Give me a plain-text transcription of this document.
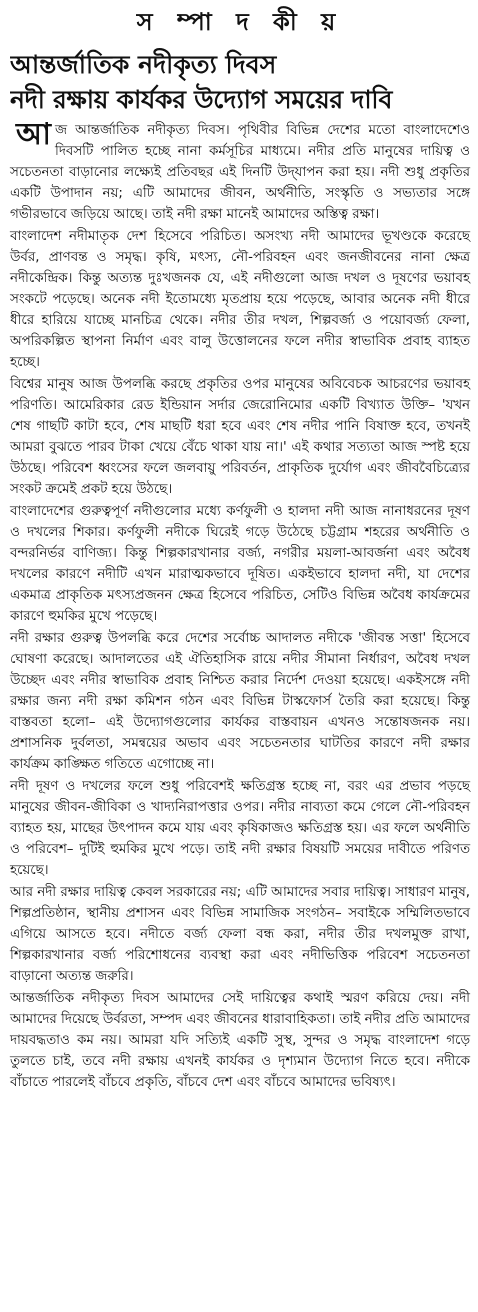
স ম্পা দ কী য়
আন্তর্জাতিক নদীকৃত্য দিবস
নদী রক্ষায় কার্যকর উদ্যোগ সময়ের দাবি
আজ আন্তর্জাতিক নদীকৃত্য দিবস। পৃথিবীর বিভিন্ন দেশের মতো বাংলাদেশেও দিবসটি পালিত হচ্ছে নানা কর্মসূচির মাধ্যমে। নদীর প্রতি মানুষের দায়িত্ব ও সচেতনতা বাড়ানোর লক্ষ্যেই প্রতিবছর এই দিনটি উদ্‌যাপন করা হয়। নদী শুধু প্রকৃতির একটি উপাদান নয়; এটি আমাদের জীবন, অর্থনীতি, সংস্কৃতি ও সভ্যতার সঙ্গে গভীরভাবে জড়িয়ে আছে। তাই নদী রক্ষা মানেই আমাদের অস্তিত্ব রক্ষা।
বাংলাদেশ নদীমাতৃক দেশ হিসেবে পরিচিত। অসংখ্য নদী আমাদের ভূখণ্ডকে করেছে উর্বর, প্রাণবন্ত ও সমৃদ্ধ। কৃষি, মৎস্য, নৌ-পরিবহন এবং জনজীবনের নানা ক্ষেত্র নদীকেন্দ্রিক। কিন্তু অত্যন্ত দুঃখজনক যে, এই নদীগুলো আজ দখল ও দূষণের ভয়াবহ সংকটে পড়েছে। অনেক নদী ইতোমধ্যে মৃতপ্রায় হয়ে পড়েছে, আবার অনেক নদী ধীরে ধীরে হারিয়ে যাচ্ছে মানচিত্র থেকে। নদীর তীর দখল, শিল্পবর্জ্য ও পয়োবর্জ্য ফেলা, অপরিকল্পিত স্থাপনা নির্মাণ এবং বালু উত্তোলনের ফলে নদীর স্বাভাবিক প্রবাহ ব্যাহত হচ্ছে।
বিশ্বের মানুষ আজ উপলব্ধি করছে প্রকৃতির ওপর মানুষের অবিবেচক আচরণের ভয়াবহ পরিণতি। আমেরিকার রেড ইন্ডিয়ান সর্দার জেরোনিমোর একটি বিখ্যাত উক্তি– 'যখন শেষ গাছটি কাটা হবে, শেষ মাছটি ধরা হবে এবং শেষ নদীর পানি বিষাক্ত হবে, তখনই আমরা বুঝতে পারব টাকা খেয়ে বেঁচে থাকা যায় না।' এই কথার সত্যতা আজ স্পষ্ট হয়ে উঠছে। পরিবেশ ধ্বংসের ফলে জলবায়ু পরিবর্তন, প্রাকৃতিক দুর্যোগ এবং জীববৈচিত্র্যের সংকট ক্রমেই প্রকট হয়ে উঠছে।
বাংলাদেশের গুরুত্বপূর্ণ নদীগুলোর মধ্যে কর্ণফুলী ও হালদা নদী আজ নানাধরনের দূষণ ও দখলের শিকার। কর্ণফুলী নদীকে ঘিরেই গড়ে উঠেছে চট্টগ্রাম শহরের অর্থনীতি ও বন্দরনির্ভর বাণিজ্য। কিন্তু শিল্পকারখানার বর্জ্য, নগরীর ময়লা-আবর্জনা এবং অবৈধ দখলের কারণে নদীটি এখন মারাত্মকভাবে দূষিত। একইভাবে হালদা নদী, যা দেশের একমাত্র প্রাকৃতিক মৎস্যপ্রজনন ক্ষেত্র হিসেবে পরিচিত, সেটিও বিভিন্ন অবৈধ কার্যক্রমের কারণে হুমকির মুখে পড়েছে।
নদী রক্ষার গুরুত্ব উপলব্ধি করে দেশের সর্বোচ্চ আদালত নদীকে 'জীবন্ত সত্তা' হিসেবে ঘোষণা করেছে। আদালতের এই ঐতিহাসিক রায়ে নদীর সীমানা নির্ধারণ, অবৈধ দখল উচ্ছেদ এবং নদীর স্বাভাবিক প্রবাহ নিশ্চিত করার নির্দেশ দেওয়া হয়েছে। একইসঙ্গে নদী রক্ষার জন্য নদী রক্ষা কমিশন গঠন এবং বিভিন্ন টাস্কফোর্স তৈরি করা হয়েছে। কিন্তু বাস্তবতা হলো– এই উদ্যোগগুলোর কার্যকর বাস্তবায়ন এখনও সন্তোষজনক নয়। প্রশাসনিক দুর্বলতা, সমন্বয়ের অভাব এবং সচেতনতার ঘাটতির কারণে নদী রক্ষার কার্যক্রম কাঙ্ক্ষিত গতিতে এগোচ্ছে না।
নদী দূষণ ও দখলের ফলে শুধু পরিবেশই ক্ষতিগ্রস্ত হচ্ছে না, বরং এর প্রভাব পড়ছে মানুষের জীবন-জীবিকা ও খাদ্যনিরাপত্তার ওপর। নদীর নাব্যতা কমে গেলে নৌ-পরিবহন ব্যাহত হয়, মাছের উৎপাদন কমে যায় এবং কৃষিকাজও ক্ষতিগ্রস্ত হয়। এর ফলে অর্থনীতি ও পরিবেশ– দুটিই হুমকির মুখে পড়ে। তাই নদী রক্ষার বিষয়টি সময়ের দাবীতে পরিণত হয়েছে।
আর নদী রক্ষার দায়িত্ব কেবল সরকারের নয়; এটি আমাদের সবার দায়িত্ব। সাধারণ মানুষ, শিল্পপ্রতিষ্ঠান, স্থানীয় প্রশাসন এবং বিভিন্ন সামাজিক সংগঠন– সবাইকে সম্মিলিতভাবে এগিয়ে আসতে হবে। নদীতে বর্জ্য ফেলা বন্ধ করা, নদীর তীর দখলমুক্ত রাখা, শিল্পকারখানার বর্জ্য পরিশোধনের ব্যবস্থা করা এবং নদীভিত্তিক পরিবেশ সচেতনতা বাড়ানো অত্যন্ত জরুরি।
আন্তর্জাতিক নদীকৃত্য দিবস আমাদের সেই দায়িত্বের কথাই স্মরণ করিয়ে দেয়। নদী আমাদের দিয়েছে উর্বরতা, সম্পদ এবং জীবনের ধারাবাহিকতা। তাই নদীর প্রতি আমাদের দায়বদ্ধতাও কম নয়। আমরা যদি সত্যিই একটি সুস্থ, সুন্দর ও সমৃদ্ধ বাংলাদেশ গড়ে তুলতে চাই, তবে নদী রক্ষায় এখনই কার্যকর ও দৃশ্যমান উদ্যোগ নিতে হবে। নদীকে বাঁচাতে পারলেই বাঁচবে প্রকৃতি, বাঁচবে দেশ এবং বাঁচবে আমাদের ভবিষ্যৎ।
